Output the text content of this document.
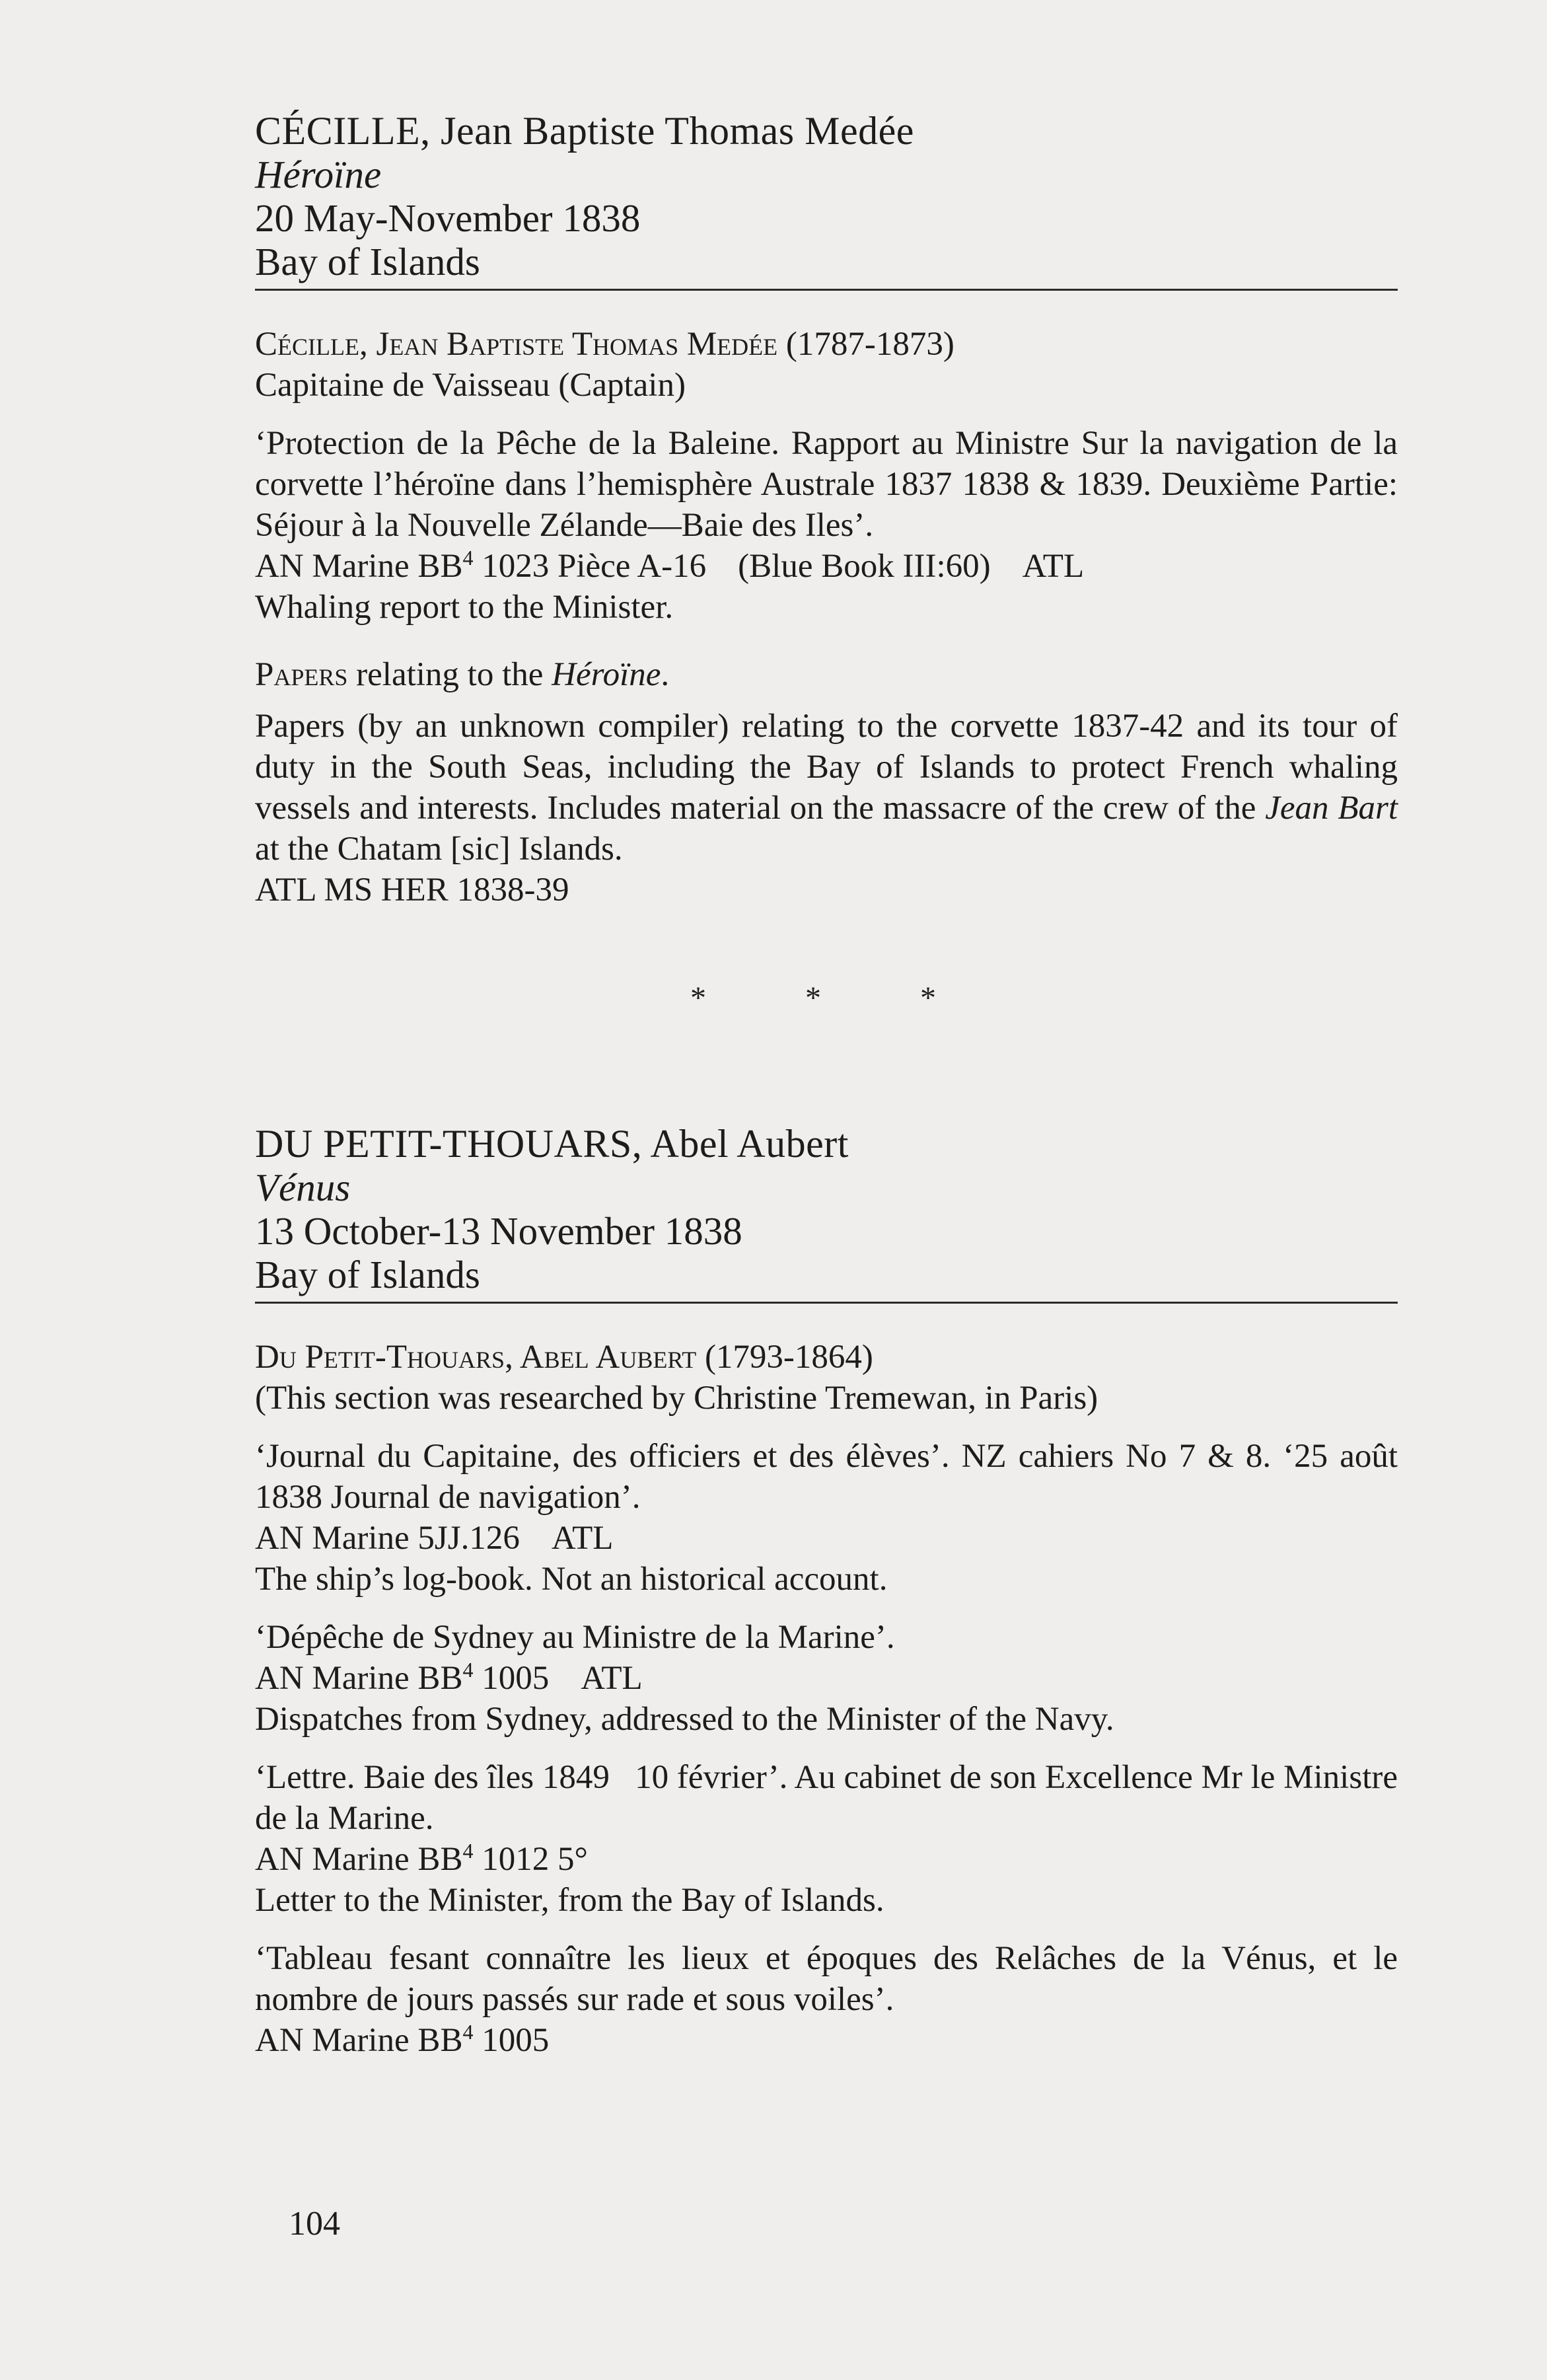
CÉCILLE, Jean Baptiste Thomas Medée

Héroïne

20 May-November 1838

Bay of Islands

Cécille, Jean Baptiste Thomas Medée (1787-1873)

Capitaine de Vaisseau (Captain)

‘Protection de la Pêche de la Baleine. Rapport au Ministre Sur la navigation de la corvette l’héroïne dans l’hemisphère Australe 1837 1838 & 1839. Deuxième Partie: Séjour à la Nouvelle Zélande—Baie des Iles’.

AN Marine $BB^4$ 1023 Pièce A-16 (Blue Book III:60) ATL

Whaling report to the Minister.

Papers relating to the Héroïne.

Papers (by an unknown compiler) relating to the corvette 1837-42 and its tour of duty in the South Seas, including the Bay of Islands to protect French whaling vessels and interests. Includes material on the massacre of the crew of the Jean Bart at the Chatam [sic] Islands.

ATL MS HER 1838-39

*	*	*

DU PETIT-THOUARS, Abel Aubert

Vénus

13 October-13 November 1838

Bay of Islands

Du Petit-Thouars, Abel Aubert (1793-1864)

(This section was researched by Christine Tremewan, in Paris)

‘Journal du Capitaine, des officiers et des élèves’. NZ cahiers No 7 & 8. ‘25 août 1838 Journal de navigation’.

AN Marine 5JJ.126 ATL

The ship’s log-book. Not an historical account.

‘Dépêche de Sydney au Ministre de la Marine’.

AN Marine $BB^4$ 1005 ATL

Dispatches from Sydney, addressed to the Minister of the Navy.

‘Lettre. Baie des îles 1849   10 février’. Au cabinet de son Excellence Mr le Ministre de la Marine.

AN Marine $BB^4$ 1012 5°

Letter to the Minister, from the Bay of Islands.

‘Tableau fesant connaître les lieux et époques des Relâches de la Vénus, et le nombre de jours passés sur rade et sous voiles’.

AN Marine $BB^4$ 1005

104
